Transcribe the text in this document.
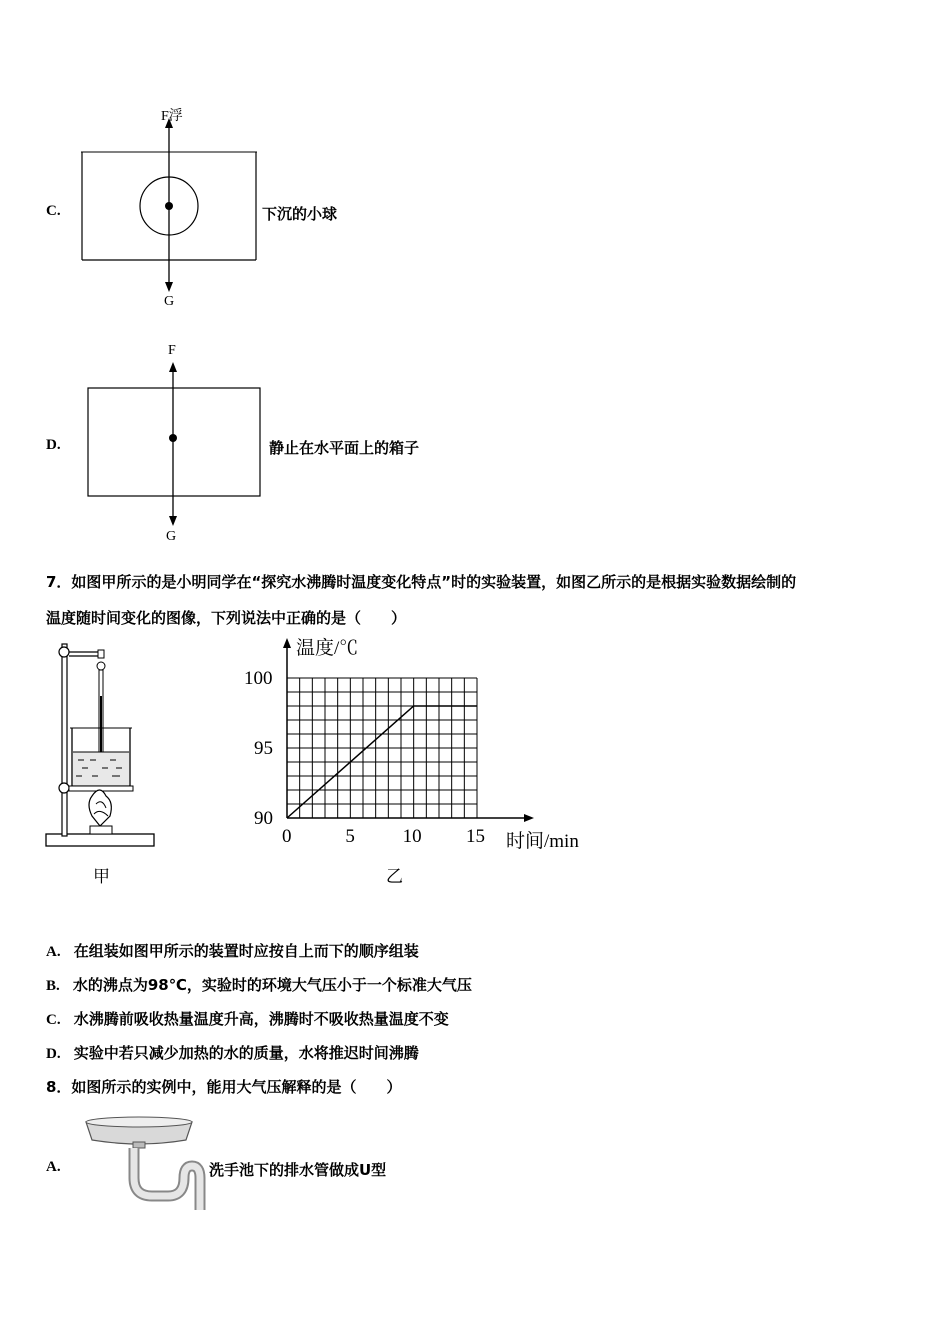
C.
F浮
G
下沉的小球
D.
F
G
静止在水平面上的箱子
7．如图甲所示的是小明同学在“探究水沸腾时温度变化特点”时的实验装置，如图乙所示的是根据实验数据绘制的
温度随时间变化的图像，下列说法中正确的是（　　）
甲
0	5	10 15
90
95
100
温度/℃
时间/min
乙
A. 在组装如图甲所示的装置时应按自上而下的顺序组装
B. 水的沸点为98℃，实验时的环境大气压小于一个标准大气压
C. 水沸腾前吸收热量温度升高，沸腾时不吸收热量温度不变
D. 实验中若只减少加热的水的质量，水将推迟时间沸腾
8．如图所示的实例中，能用大气压解释的是（　　）
A.	洗手池下的排水管做成U型
